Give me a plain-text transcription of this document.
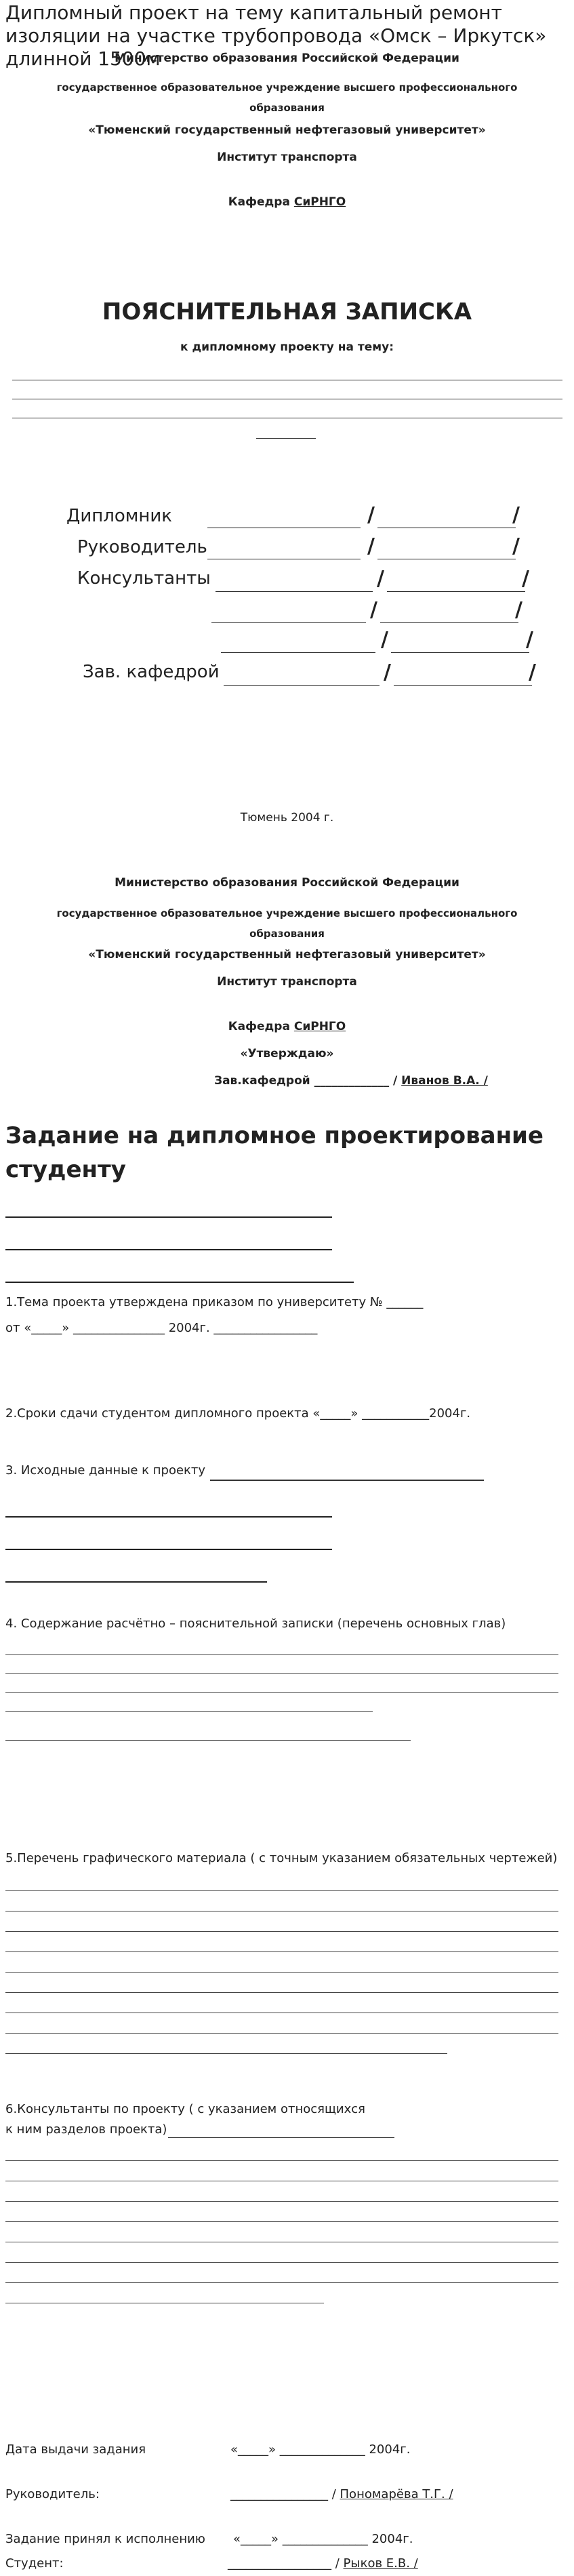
Дипломный проект на тему капитальный ремонт изоляции на участке трубопровода «Омск – Иркутск» длинной 1500м
Министерство образования Российской Федерации
государственное образовательное учреждение высшего профессионального образования
«Тюменский государственный нефтегазовый университет»
Институт транспорта
Кафедра СиРНГО
ПОЯСНИТЕЛЬНАЯ ЗАПИСКА
к дипломному проекту на тему:
Дипломник	/	/
Руководитель	/	/
Консультанты	/	/
/	/
/	/
Зав. кафедрой	/	/
Тюмень 2004 г.
Министерство образования Российской Федерации
государственное образовательное учреждение высшего профессионального образования
«Тюменский государственный нефтегазовый университет»
Институт транспорта
Кафедра СиРНГО
«Утверждаю»
Зав.кафедрой _____________ / Иванов В.А. /
Задание на дипломное проектирование студенту
1.Тема проекта утверждена приказом по университету № ______
от «_____» _______________ 2004г. _________________
2.Сроки сдачи студентом дипломного проекта «_____» ___________2004г.
3. Исходные данные к проекту
4. Содержание расчётно – пояснительной записки (перечень основных глав)
5.Перечень графического материала ( с точным указанием обязательных чертежей)
6.Консультанты по проекту ( с указанием относящихся
к ним разделов проекта)
Дата выдачи задания	«_____» ______________ 2004г.
Руководитель:	________________ / Пономарёва Т.Г. /
Задание принял к исполнению «_____» ______________ 2004г.
Студент:	_________________ / Рыков Е.В. /
